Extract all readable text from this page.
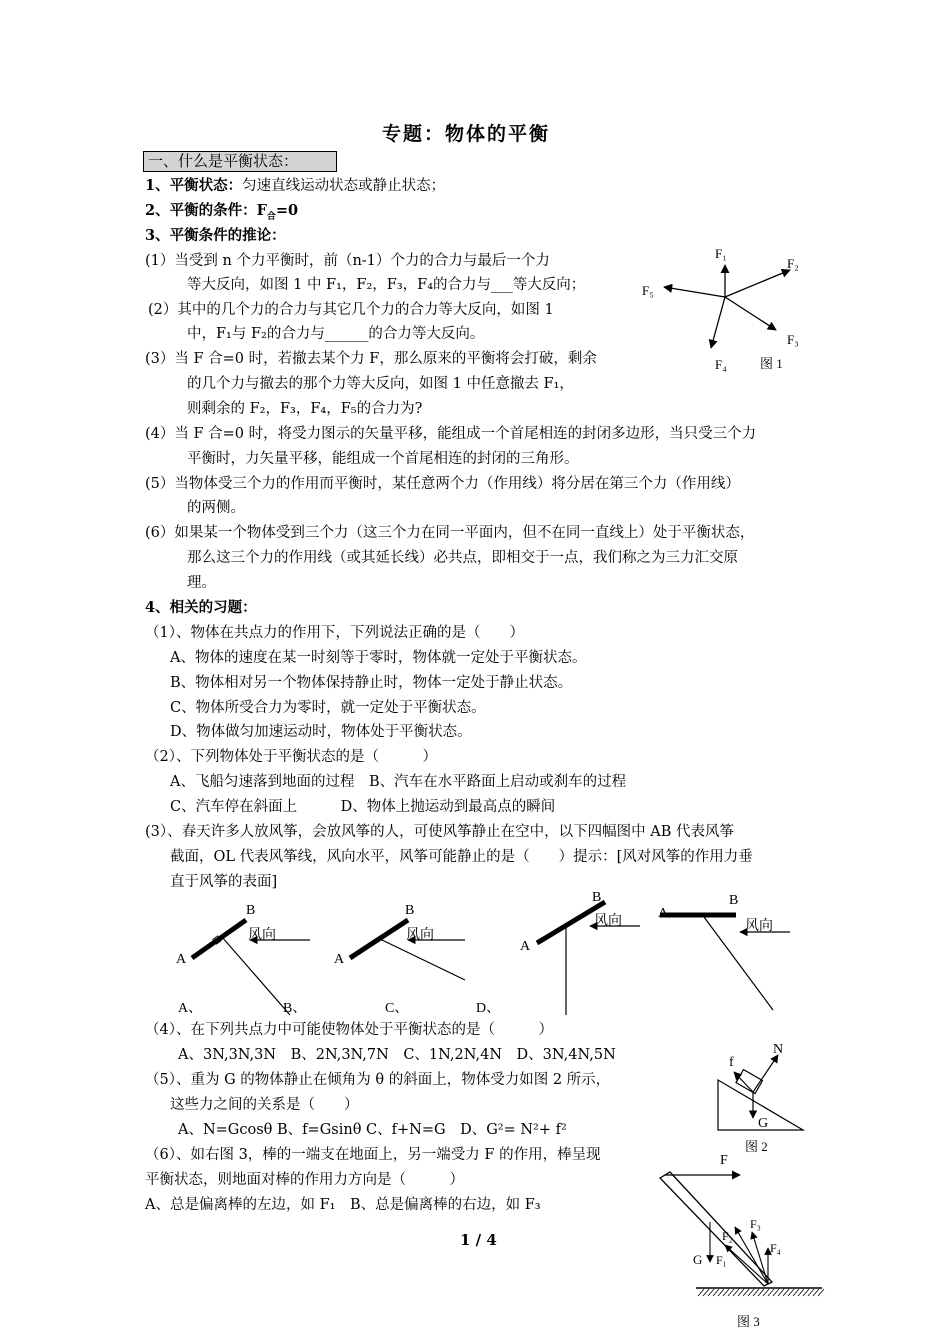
专题：物体的平衡
一、什么是平衡状态：
1、平衡状态：匀速直线运动状态或静止状态；
2、平衡的条件：$F_合=0$
3、平衡条件的推论：
(1）当受到 n 个力平衡时，前（n-1）个力的合力与最后一个力
等大反向，如图 1 中 F₁，F₂，F₃，F₄的合力与___等大反向；
(2）其中的几个力的合力与其它几个力的合力等大反向，如图 1
中，F₁与 F₂的合力与______的合力等大反向。
(3）当 F 合=0 时，若撤去某个力 F，那么原来的平衡将会打破，剩余
的几个力与撤去的那个力等大反向，如图 1 中任意撤去 F₁，
则剩余的 F₂，F₃，F₄，F₅的合力为?
(4）当 F 合=0 时，将受力图示的矢量平移，能组成一个首尾相连的封闭多边形，当只受三个力
平衡时，力矢量平移，能组成一个首尾相连的封闭的三角形。
(5）当物体受三个力的作用而平衡时，某任意两个力（作用线）将分居在第三个力（作用线）
的两侧。
(6）如果某一个物体受到三个力（这三个力在同一平面内，但不在同一直线上）处于平衡状态，
那么这三个力的作用线（或其延长线）必共点，即相交于一点，我们称之为三力汇交原
理。
4、相关的习题：
（1）、物体在共点力的作用下，下列说法正确的是（　　）
A、物体的速度在某一时刻等于零时，物体就一定处于平衡状态。
B、物体相对另一个物体保持静止时，物体一定处于静止状态。
C、物体所受合力为零时，就一定处于平衡状态。
D、物体做匀加速运动时，物体处于平衡状态。
（2）、下列物体处于平衡状态的是（　　　）
A、飞船匀速落到地面的过程　B、汽车在水平路面上启动或刹车的过程
C、汽车停在斜面上　　　D、物体上抛运动到最高点的瞬间
(3）、春天许多人放风筝，会放风筝的人，可使风筝静止在空中，以下四幅图中 AB 代表风筝
截面，OL 代表风筝线，风向水平，风筝可能静止的是（　　）提示：[风对风筝的作用力垂
直于风筝的表面]
（4）、在下列共点力中可能使物体处于平衡状态的是（　　　）
A、3N,3N,3N　B、2N,3N,7N　C、1N,2N,4N　D、3N,4N,5N
（5）、重为 G 的物体静止在倾角为 θ 的斜面上，物体受力如图 2 所示，
这些力之间的关系是（　　）
A、N=Gcosθ B、f=Gsinθ C、f+N=G　D、G²= N²+ f²
（6）、如右图 3，棒的一端支在地面上，另一端受力 F 的作用，棒呈现
平衡状态，则地面对棒的作用力方向是（　　　）
A、总是偏离棒的左边，如 F₁　B、总是偏离棒的右边，如 F₃
1 / 4
F₁
F₂
F₃
F₄
F₅
图 1
B
A
风向
A、
B
A
风向
B、	C、	D、
B
A
风向
A
B
风向
f
N
G
图 2
F
F₃
F₂
F₄
G F₁
图 3
